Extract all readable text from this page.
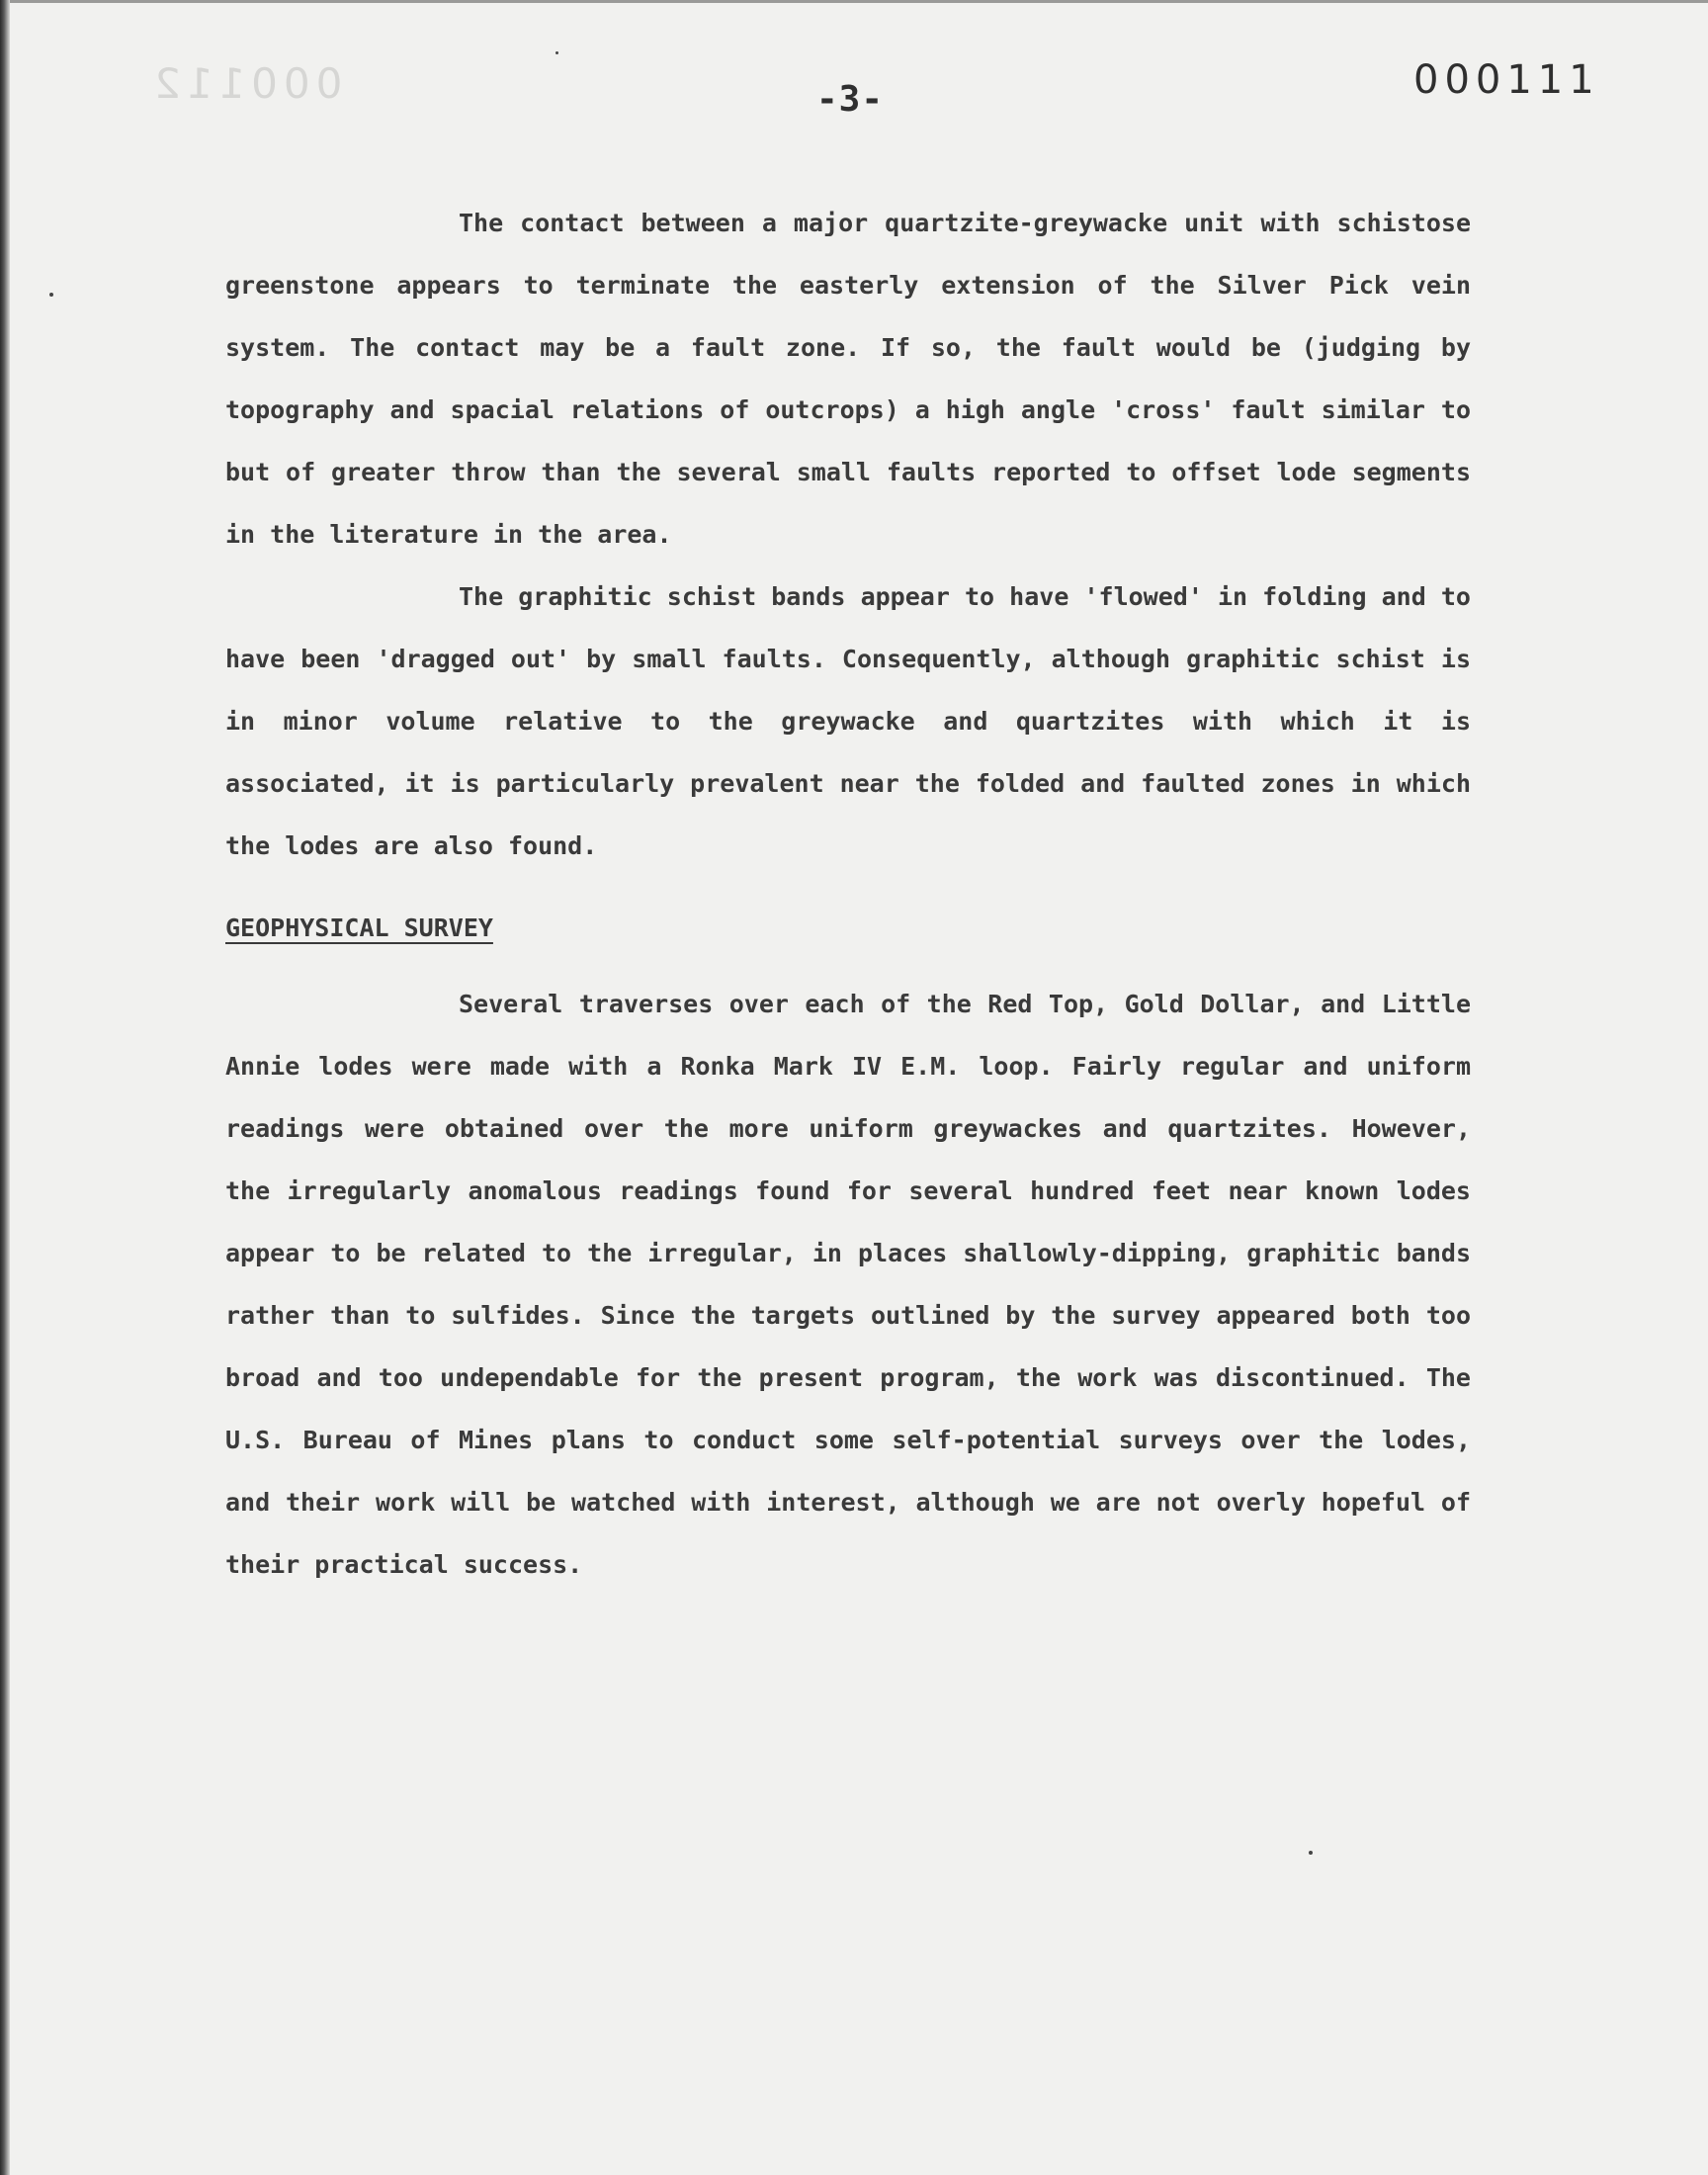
000112	-3-	000111

The contact between a major quartzite-greywacke unit with schistose greenstone appears to terminate the easterly extension of the Silver Pick vein system. The contact may be a fault zone. If so, the fault would be (judging by topography and spacial relations of outcrops) a high angle 'cross' fault similar to but of greater throw than the several small faults reported to offset lode segments in the literature in the area.

The graphitic schist bands appear to have 'flowed' in folding and to have been 'dragged out' by small faults. Consequently, although graphitic schist is in minor volume relative to the greywacke and quartzites with which it is associated, it is particularly prevalent near the folded and faulted zones in which the lodes are also found.

GEOPHYSICAL SURVEY

Several traverses over each of the Red Top, Gold Dollar, and Little Annie lodes were made with a Ronka Mark IV E.M. loop. Fairly regular and uniform readings were obtained over the more uniform greywackes and quartzites. However, the irregularly anomalous readings found for several hundred feet near known lodes appear to be related to the irregular, in places shallowly-dipping, graphitic bands rather than to sulfides. Since the targets outlined by the survey appeared both too broad and too undependable for the present program, the work was discontinued. The U.S. Bureau of Mines plans to conduct some self-potential surveys over the lodes, and their work will be watched with interest, although we are not overly hopeful of their practical success.
